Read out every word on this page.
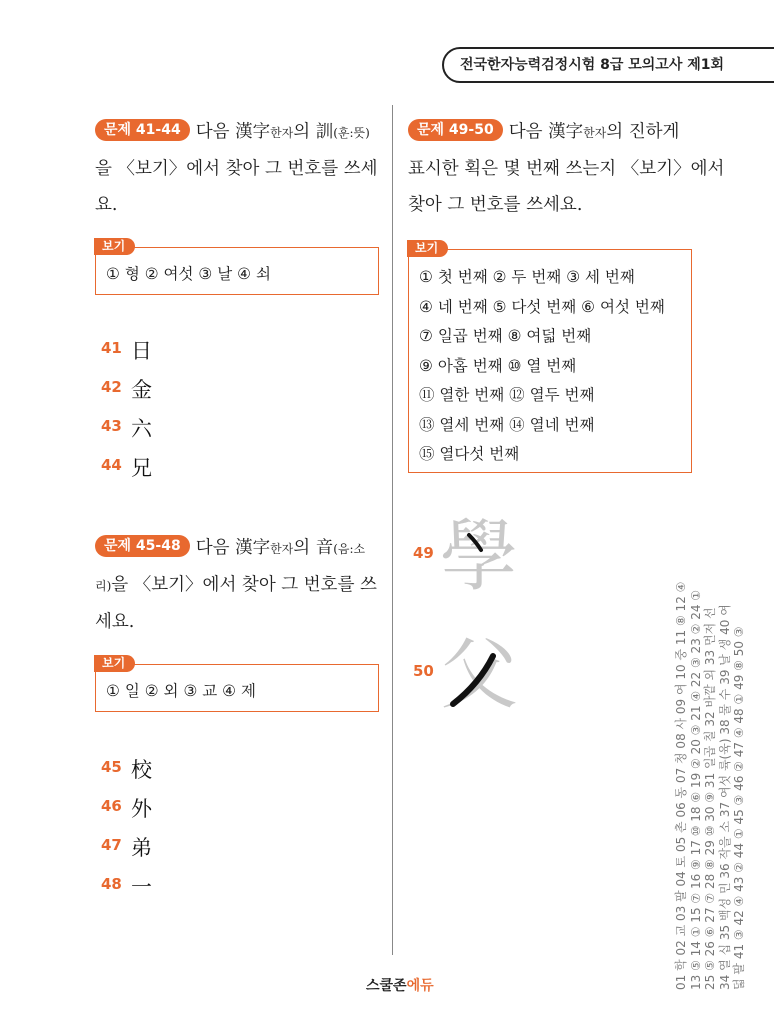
전국한자능력검정시험 8급 모의고사 제1회
문제 41-44 다음 漢字한자의 訓(훈:뜻)
을 〈보기〉에서 찾아 그 번호를 쓰세
요.
보기
① 형 ② 여섯 ③ 날 ④ 쇠
41 日
42 金
43 六
44 兄
문제 45-48 다음 漢字한자의 音(음:소
리)을 〈보기〉에서 찾아 그 번호를 쓰
세요.
보기
① 일 ② 외 ③ 교 ④ 제
45 校
46 外
47 弟
48 一
문제 49-50 다음 漢字한자의 진하게
표시한 획은 몇 번째 쓰는지 〈보기〉에서
찾아 그 번호를 쓰세요.
보기
① 첫 번째 ② 두 번째 ③ 세 번째
④ 네 번째 ⑤ 다섯 번째 ⑥ 여섯 번째
⑦ 일곱 번째 ⑧ 여덟 번째
⑨ 아홉 번째 ⑩ 열 번째
⑪ 열한 번째 ⑫ 열두 번째
⑬ 열세 번째 ⑭ 열네 번째
⑮ 열다섯 번째
49 學
50 父	01 학 02 교 03 팔 04 토 05 촌 06 동 07 청 08 사 09 여 10 중 11 ⑧ 12 ④ 13 ⑤ 14 ① 15 ⑦ 16 ⑨ 17 ⑩ 18 ⑥ 19 ② 20 ③ 21 ④ 22 ③ 23 ② 24 ① 25 ⑤ 26 ⑥ 27 ⑦ 28 ⑧ 29 ⑩ 30 ⑨ 31 일곱 칠 32 바깥 외 33 먼저 선 34 열 십 35 백성 민 36 작을 소 37 여섯 륙(육) 38 물 수 39 날 생 40 여 덟 팔 41 ③ 42 ④ 43 ② 44 ① 45 ③ 46 ② 47 ④ 48 ① 49 ⑧ 50 ③
스쿨존에듀
